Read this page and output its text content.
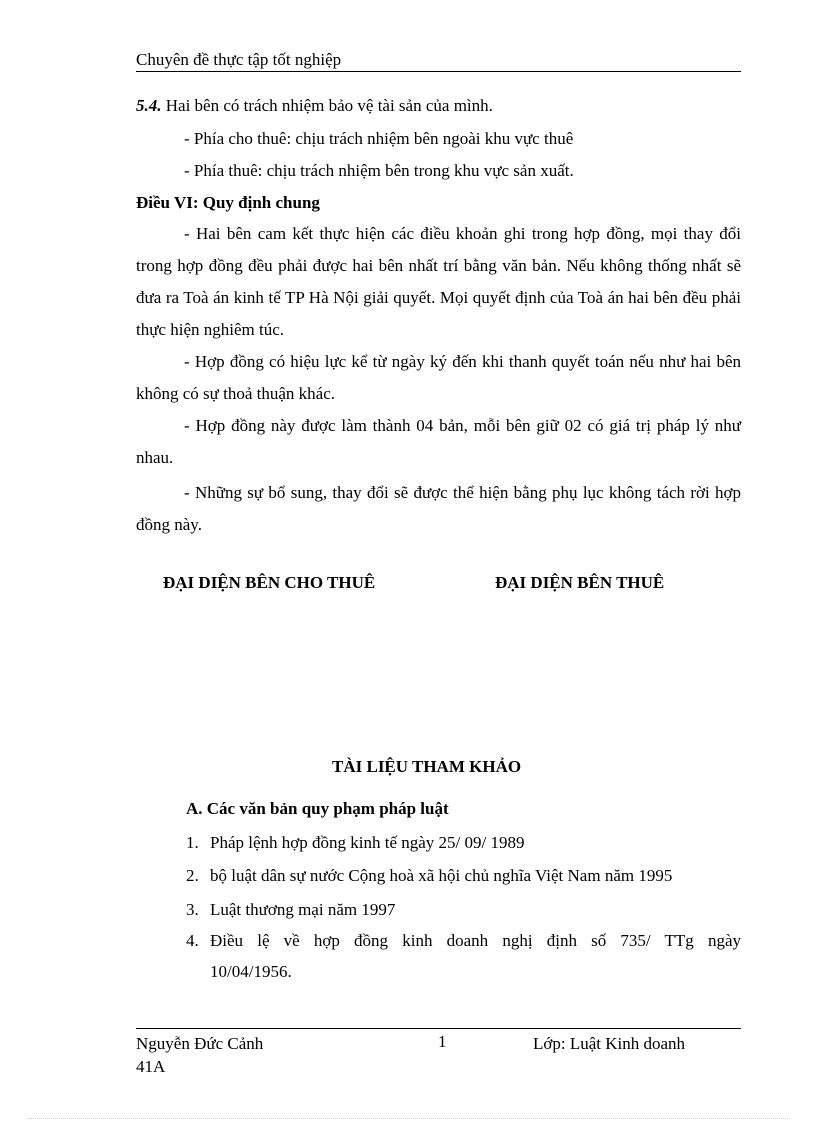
Chuyên đề thực tập tốt nghiệp
5.4. Hai bên có trách nhiệm bảo vệ tài sản của mình.
- Phía cho thuê: chịu trách nhiệm bên ngoài khu vực thuê
- Phía thuê: chịu trách nhiệm bên trong khu vực sản xuất.
Điều VI: Quy định chung
- Hai bên cam kết thực hiện các điều khoản ghi trong hợp đồng, mọi thay đổi trong hợp đồng đều phải được hai bên nhất trí bằng văn bản. Nếu không thống nhất sẽ đưa ra Toà án kinh tế TP Hà Nội giải quyết. Mọi quyết định của Toà án hai bên đều phải thực hiện nghiêm túc.
- Hợp đồng có hiệu lực kể từ ngày ký đến khi thanh quyết toán nếu như hai bên không có sự thoả thuận khác.
- Hợp đồng này được làm thành 04 bản, mỗi bên giữ 02 có giá trị pháp lý như nhau.
- Những sự bổ sung, thay đổi sẽ được thể hiện bằng phụ lục không tách rời hợp đồng này.
ĐẠI DIỆN BÊN CHO THUÊ	ĐẠI DIỆN BÊN THUÊ
TÀI LIỆU THAM KHẢO
A. Các văn bản quy phạm pháp luật
1. Pháp lệnh hợp đồng kinh tế ngày 25/ 09/ 1989
2. bộ luật dân sự nước Cộng hoà xã hội chủ nghĩa Việt Nam năm 1995
3. Luật thương mại năm 1997
4. Điều lệ về hợp đồng kinh doanh nghị định số 735/ TTg ngày
10/04/1956.
Nguyễn Đức Cảnh	1	Lớp: Luật Kinh doanh
41A
